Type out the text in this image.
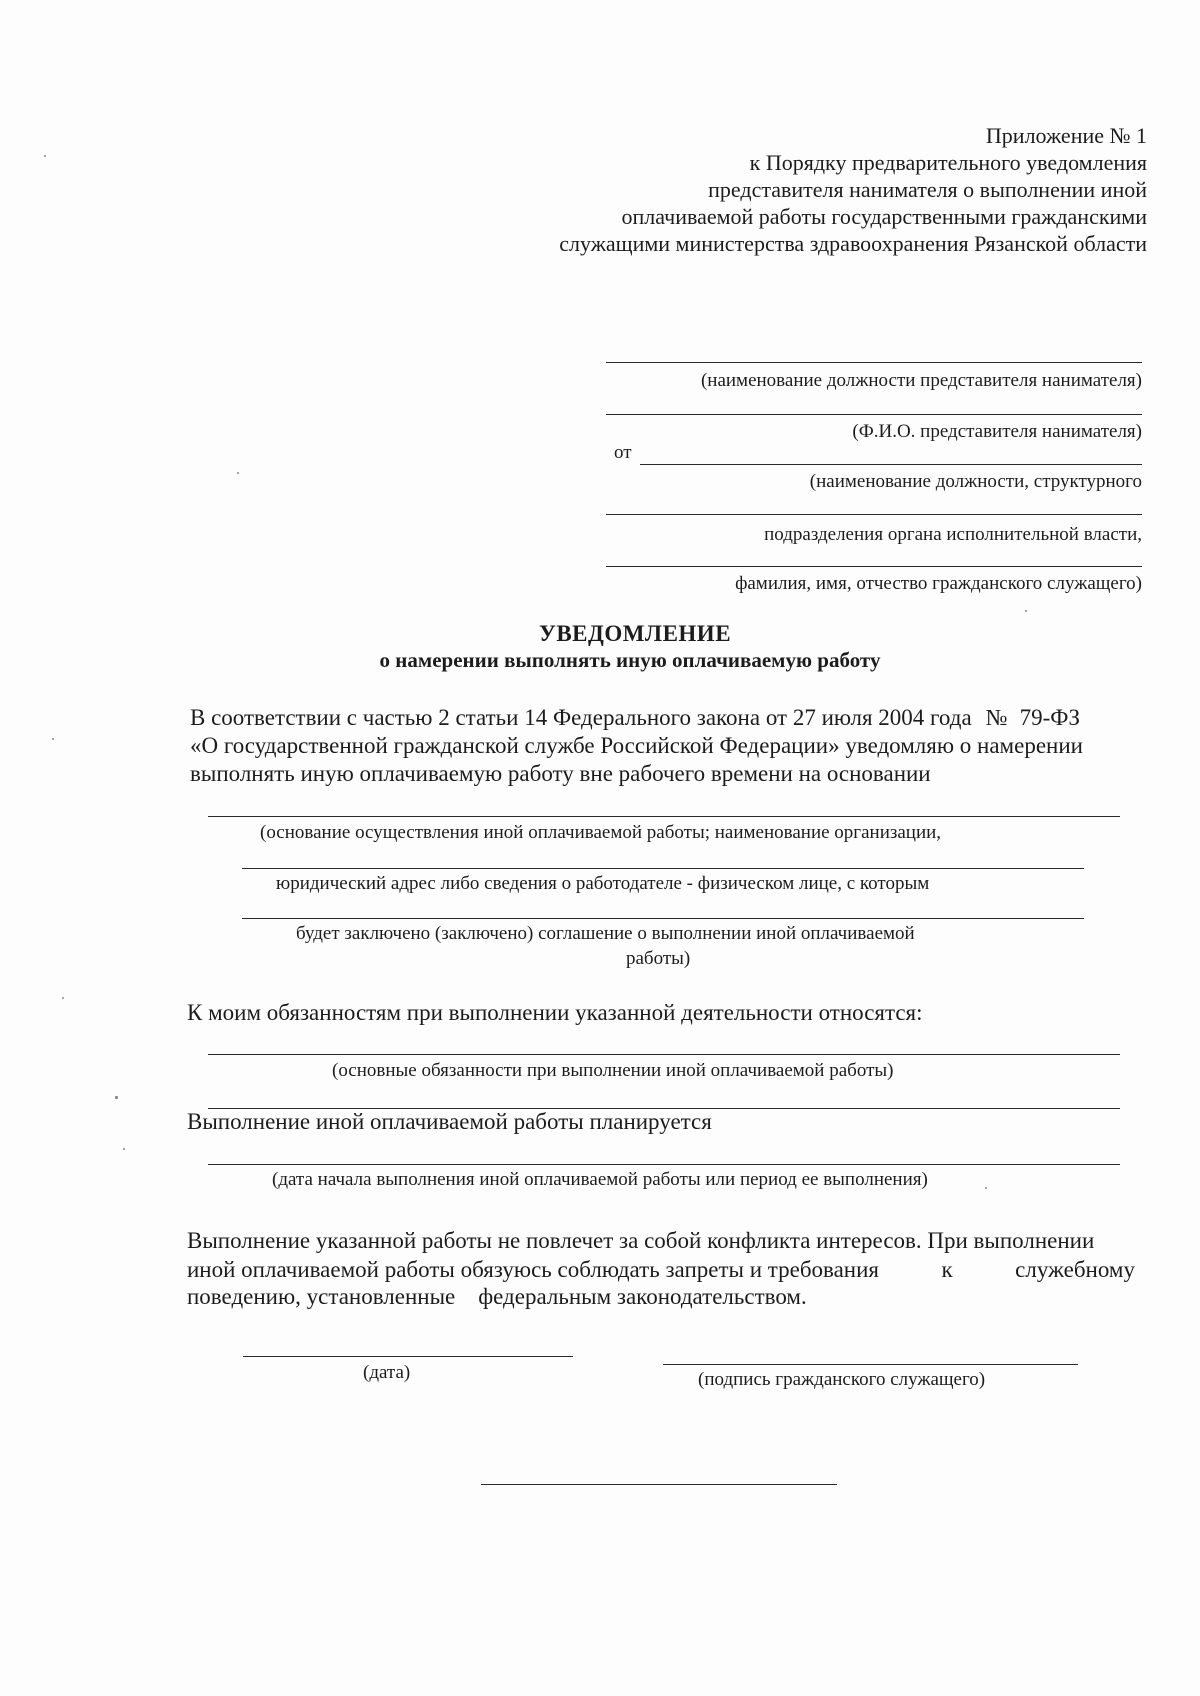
Приложение № 1
к Порядку предварительного уведомления
представителя нанимателя о выполнении иной
оплачиваемой работы государственными гражданскими
служащими министерства здравоохранения Рязанской области
(наименование должности представителя нанимателя)
(Ф.И.О. представителя нанимателя)
от
(наименование должности, структурного
подразделения органа исполнительной власти,
фамилия, имя, отчество гражданского служащего)
УВЕДОМЛЕНИЕ
о намерении выполнять иную оплачиваемую работу
В соответствии с частью 2 статьи 14 Федерального закона от 27 июля 2004 года № 79-ФЗ
«О государственной гражданской службе Российской Федерации» уведомляю о намерении
выполнять иную оплачиваемую работу вне рабочего времени на основании
(основание осуществления иной оплачиваемой работы; наименование организации,
юридический адрес либо сведения о работодателе - физическом лице, с которым
будет заключено (заключено) соглашение о выполнении иной оплачиваемой
работы)
К моим обязанностям при выполнении указанной деятельности относятся:
(основные обязанности при выполнении иной оплачиваемой работы)
Выполнение иной оплачиваемой работы планируется
(дата начала выполнения иной оплачиваемой работы или период ее выполнения)
Выполнение указанной работы не повлечет за собой конфликта интересов. При выполнении
иной оплачиваемой работы обязуюсь соблюдать запреты и требования	к	служебному
поведению, установленные    федеральным законодательством.
(дата)	(подпись гражданского служащего)
